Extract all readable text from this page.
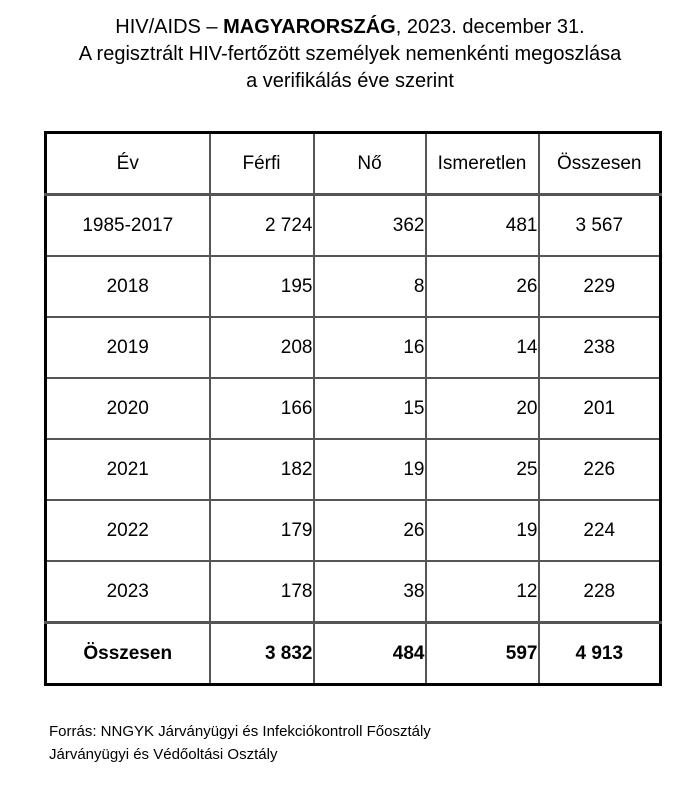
HIV/AIDS – MAGYARORSZÁG, 2023. december 31.
A regisztrált HIV-fertőzött személyek nemenkénti megoszlása
a verifikálás éve szerint
Év	Férfi	Nő	Ismeretlen	Összesen
1985-2017	2 724	362	481	3 567
2018	195	8	26	229
2019	208	16	14	238
2020	166	15	20	201
2021	182	19	25	226
2022	179	26	19	224
2023	178	38	12	228
Összesen	3 832	484	597	4 913
Forrás: NNGYK Járványügyi és Infekciókontroll Főosztály
Járványügyi és Védőoltási Osztály
